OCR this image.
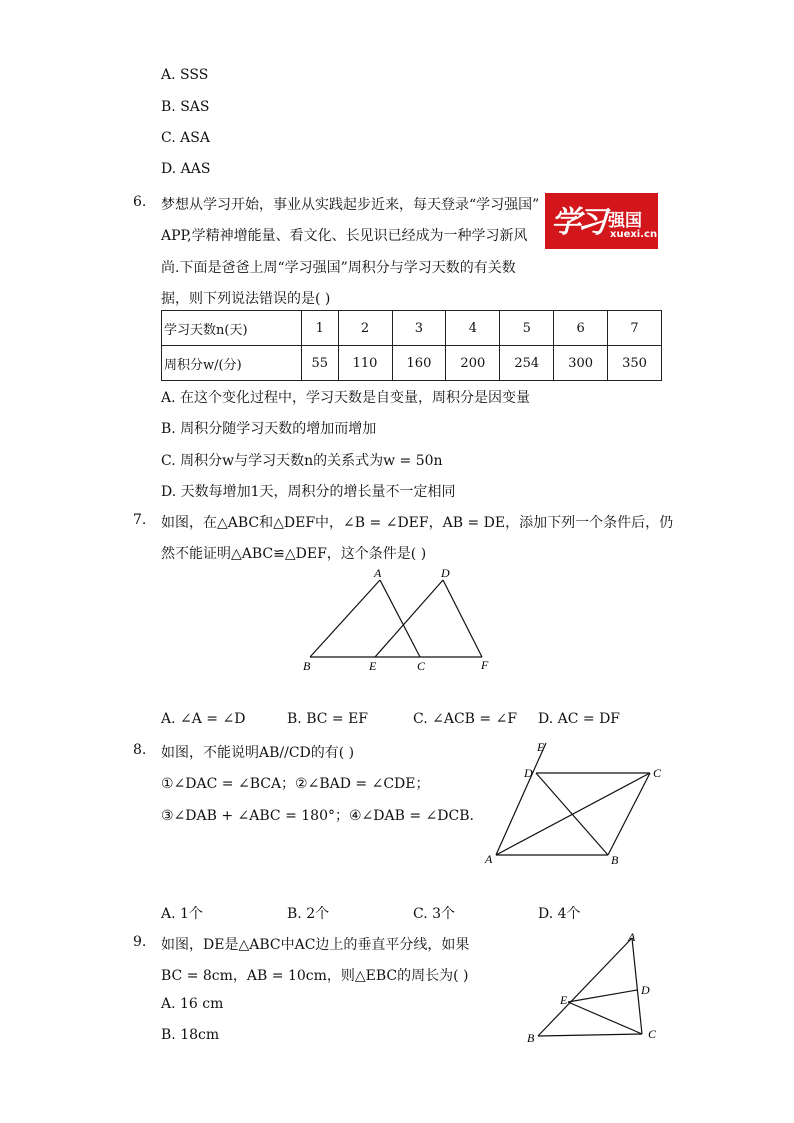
A. SSS
B. SAS
C. ASA
D. AAS
6. 梦想从学习开始，事业从实践起步近来，每天登录“学习强国”
APP,学精神增能量、看文化、长见识已经成为一种学习新风
尚.下面是爸爸上周“学习强国”周积分与学习天数的有关数
据，则下列说法错误的是( )
学习 强国
xuexi.cn
学习天数n(天)	1	2	3	4	5	6	7
周积分w/(分)	55	110	160	200	254	300	350
A. 在这个变化过程中，学习天数是自变量，周积分是因变量
B. 周积分随学习天数的增加而增加
C. 周积分w与学习天数n的关系式为w = 50n
D. 天数每增加1天，周积分的增长量不一定相同
7. 如图，在△ABC和△DEF中，∠B = ∠DEF，AB = DE，添加下列一个条件后，仍
然不能证明△ABC≌△DEF，这个条件是( )
A
B	C
D
E	F
A. ∠A = ∠D	B. BC = EF	C. ∠ACB = ∠F D. AC = DF
8. 如图，不能说明AB//CD的有( )
①∠DAC = ∠BCA；②∠BAD = ∠CDE；
③∠DAB + ∠ABC = 180°；④∠DAB = ∠DCB.
E
D	C
A	B
A. 1个	B. 2个	C. 3个	D. 4个
9. 如图，DE是△ABC中AC边上的垂直平分线，如果
BC = 8cm，AB = 10cm，则△EBC的周长为( )
A. 16 cm
B. 18cm
A
D
E
B	C
